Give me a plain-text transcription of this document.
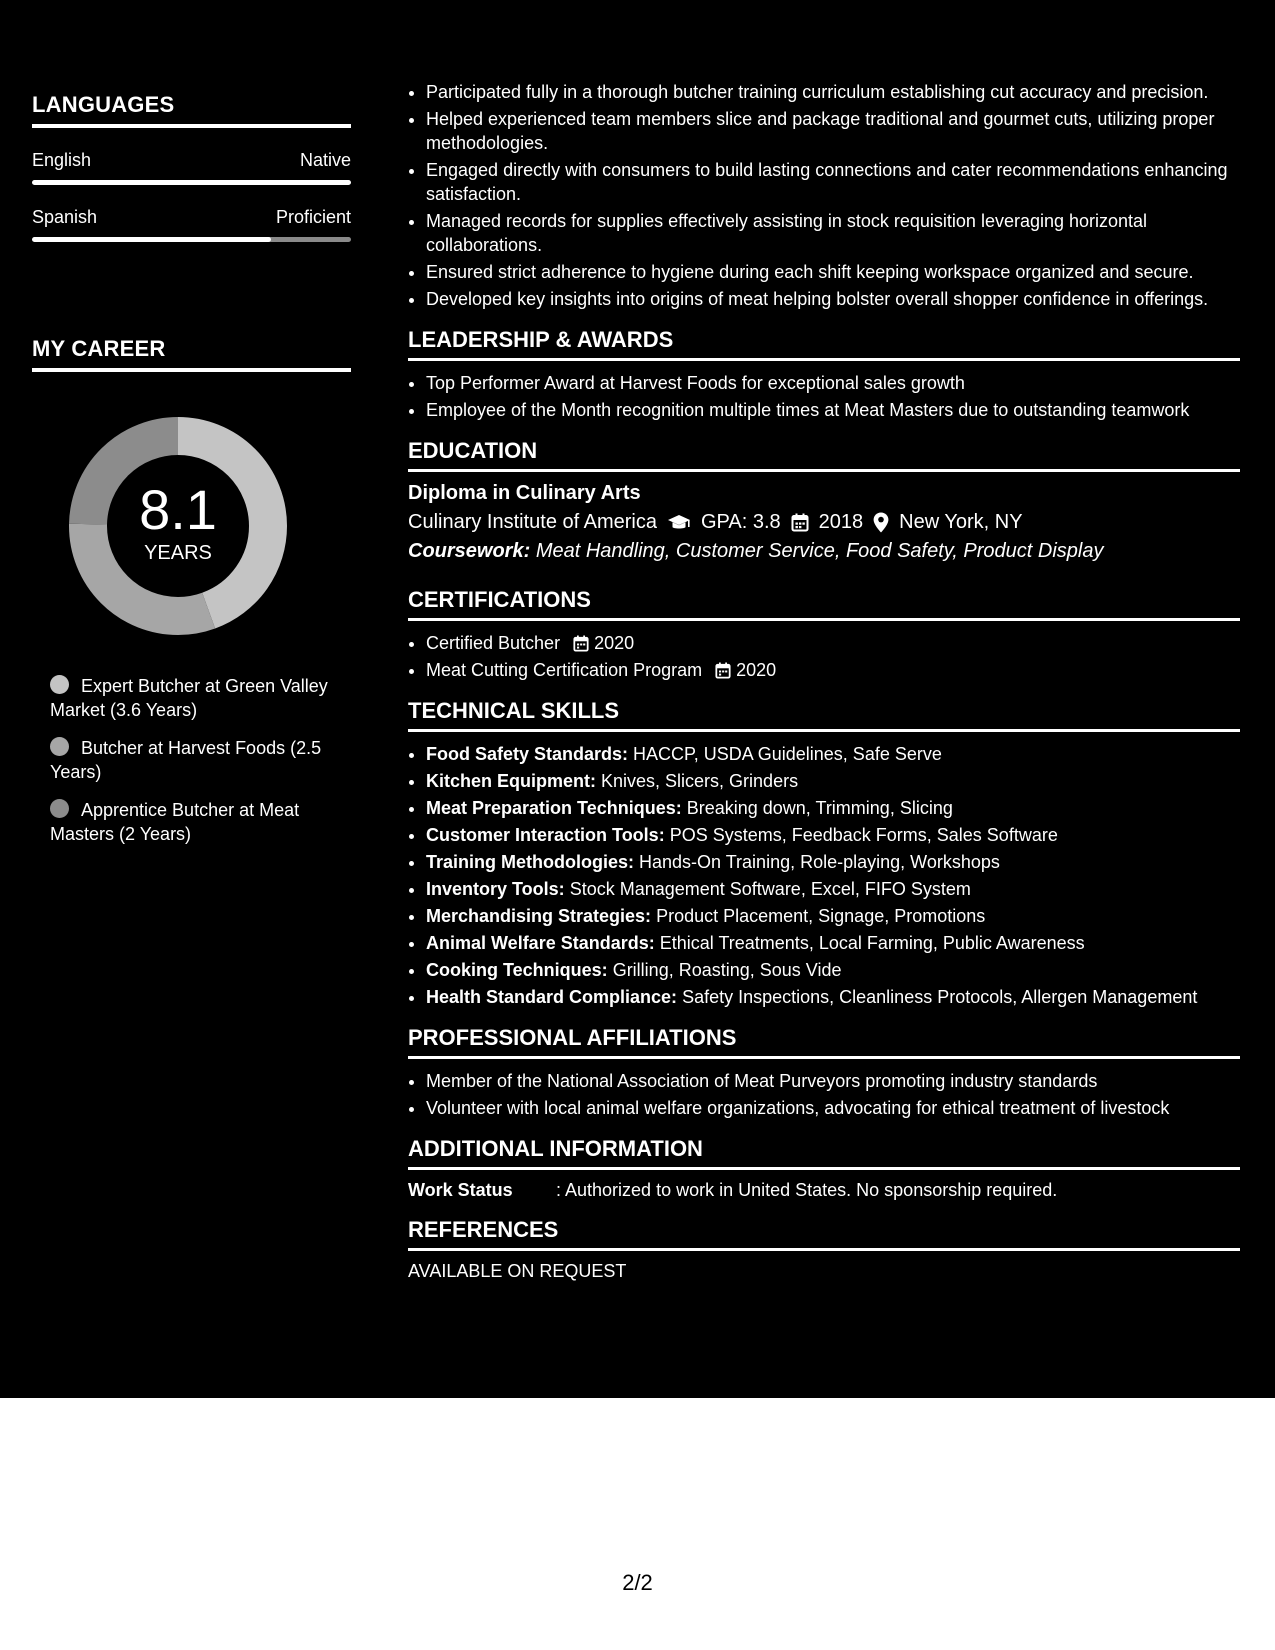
LANGUAGES
English	Native
Spanish	Proficient
MY CAREER
8.1
YEARS
Expert Butcher at Green Valley Market (3.6 Years)
Butcher at Harvest Foods (2.5 Years)
Apprentice Butcher at Meat Masters (2 Years)
• Participated fully in a thorough butcher training curriculum establishing cut accuracy and precision.
• Helped experienced team members slice and package traditional and gourmet cuts, utilizing proper methodologies.
• Engaged directly with consumers to build lasting connections and cater recommendations enhancing satisfaction.
• Managed records for supplies effectively assisting in stock requisition leveraging horizontal collaborations.
• Ensured strict adherence to hygiene during each shift keeping workspace organized and secure.
• Developed key insights into origins of meat helping bolster overall shopper confidence in offerings.
LEADERSHIP & AWARDS
• Top Performer Award at Harvest Foods for exceptional sales growth
• Employee of the Month recognition multiple times at Meat Masters due to outstanding teamwork
EDUCATION
Diploma in Culinary Arts
Culinary Institute of America GPA: 3.8 2018 New York, NY
Coursework: Meat Handling, Customer Service, Food Safety, Product Display
CERTIFICATIONS
• Certified Butcher 2020
• Meat Cutting Certification Program 2020
TECHNICAL SKILLS
• Food Safety Standards: HACCP, USDA Guidelines, Safe Serve
• Kitchen Equipment: Knives, Slicers, Grinders
• Meat Preparation Techniques: Breaking down, Trimming, Slicing
• Customer Interaction Tools: POS Systems, Feedback Forms, Sales Software
• Training Methodologies: Hands-On Training, Role-playing, Workshops
• Inventory Tools: Stock Management Software, Excel, FIFO System
• Merchandising Strategies: Product Placement, Signage, Promotions
• Animal Welfare Standards: Ethical Treatments, Local Farming, Public Awareness
• Cooking Techniques: Grilling, Roasting, Sous Vide
• Health Standard Compliance: Safety Inspections, Cleanliness Protocols, Allergen Management
PROFESSIONAL AFFILIATIONS
• Member of the National Association of Meat Purveyors promoting industry standards
• Volunteer with local animal welfare organizations, advocating for ethical treatment of livestock
ADDITIONAL INFORMATION
Work Status	: Authorized to work in United States. No sponsorship required.
REFERENCES
AVAILABLE ON REQUEST
2/2
